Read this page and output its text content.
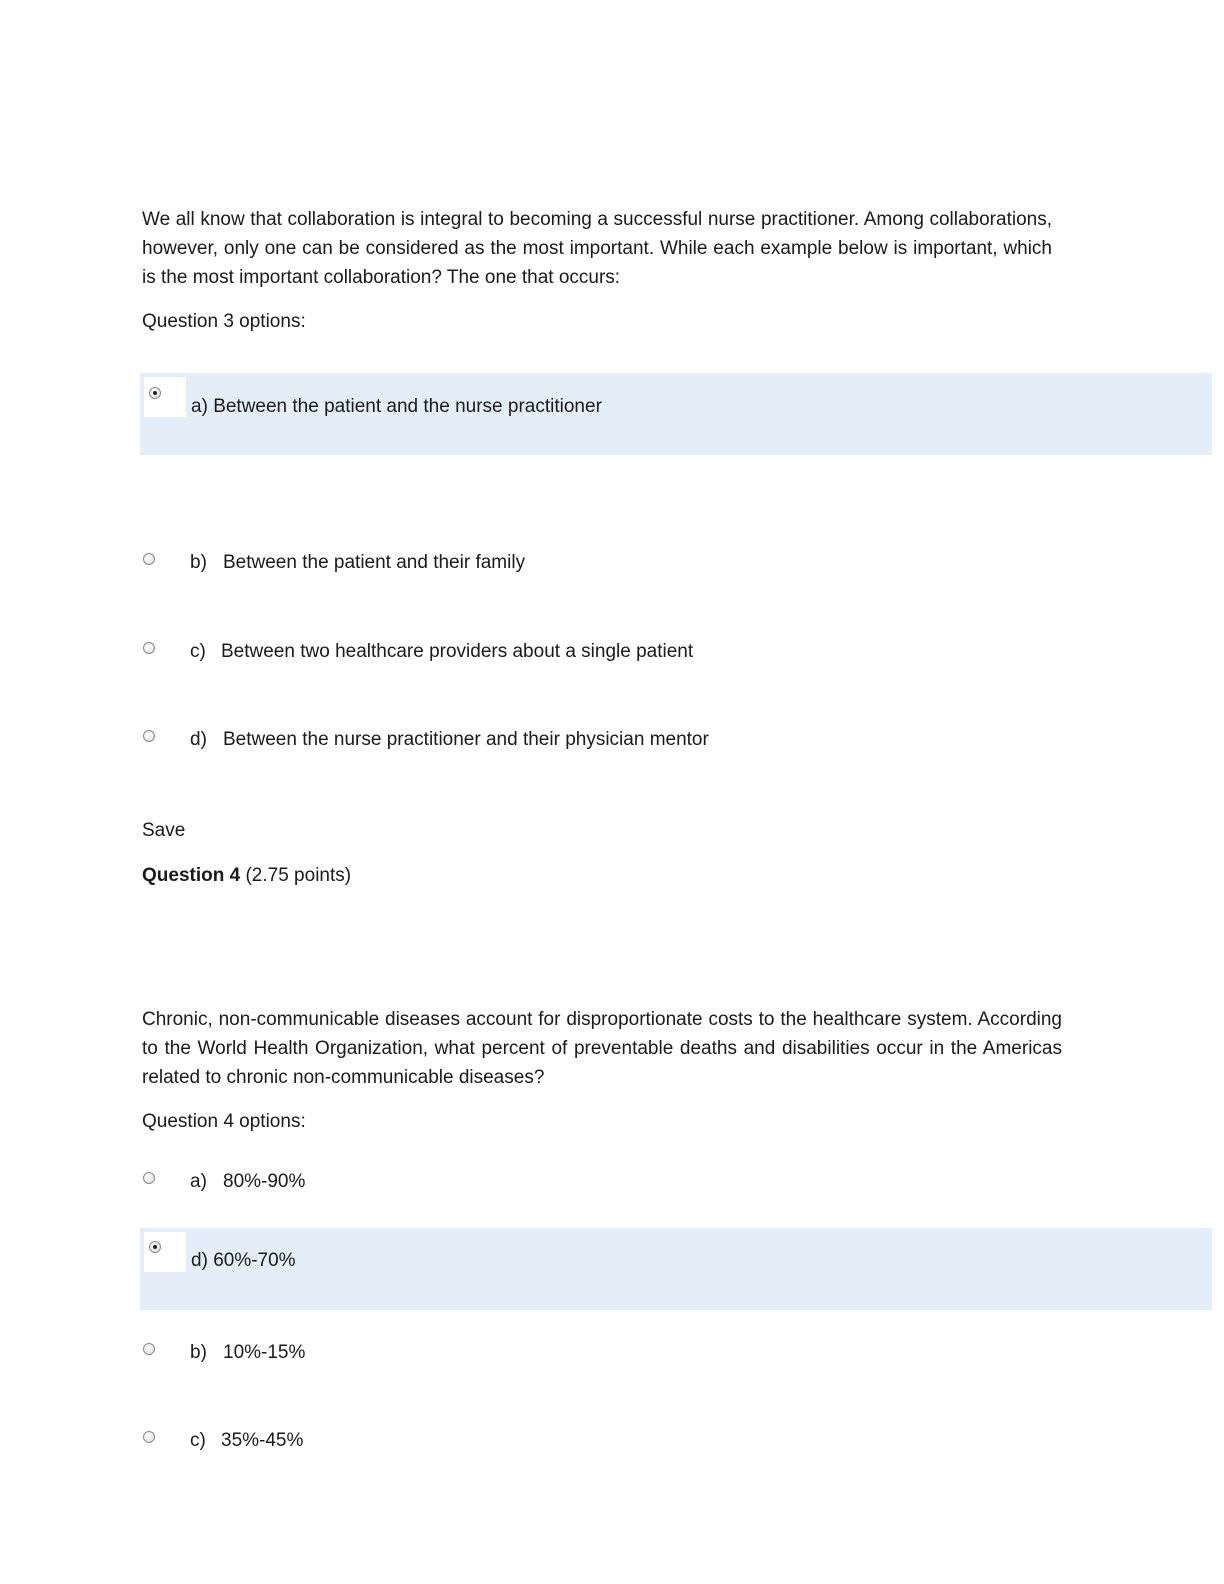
We all know that collaboration is integral to becoming a successful nurse practitioner. Among collaborations, however, only one can be considered as the most important. While each example below is important, which is the most important collaboration? The one that occurs:

Question 3 options:
a) Between the patient and the nurse practitioner
b) Between the patient and their family
c) Between two healthcare providers about a single patient
d) Between the nurse practitioner and their physician mentor
Save
Question 4 (2.75 points)

Chronic, non-communicable diseases account for disproportionate costs to the healthcare system. According to the World Health Organization, what percent of preventable deaths and disabilities occur in the Americas related to chronic non-communicable diseases?

Question 4 options:
a) 80%-90%
d) 60%-70%
b) 10%-15%
c) 35%-45%
